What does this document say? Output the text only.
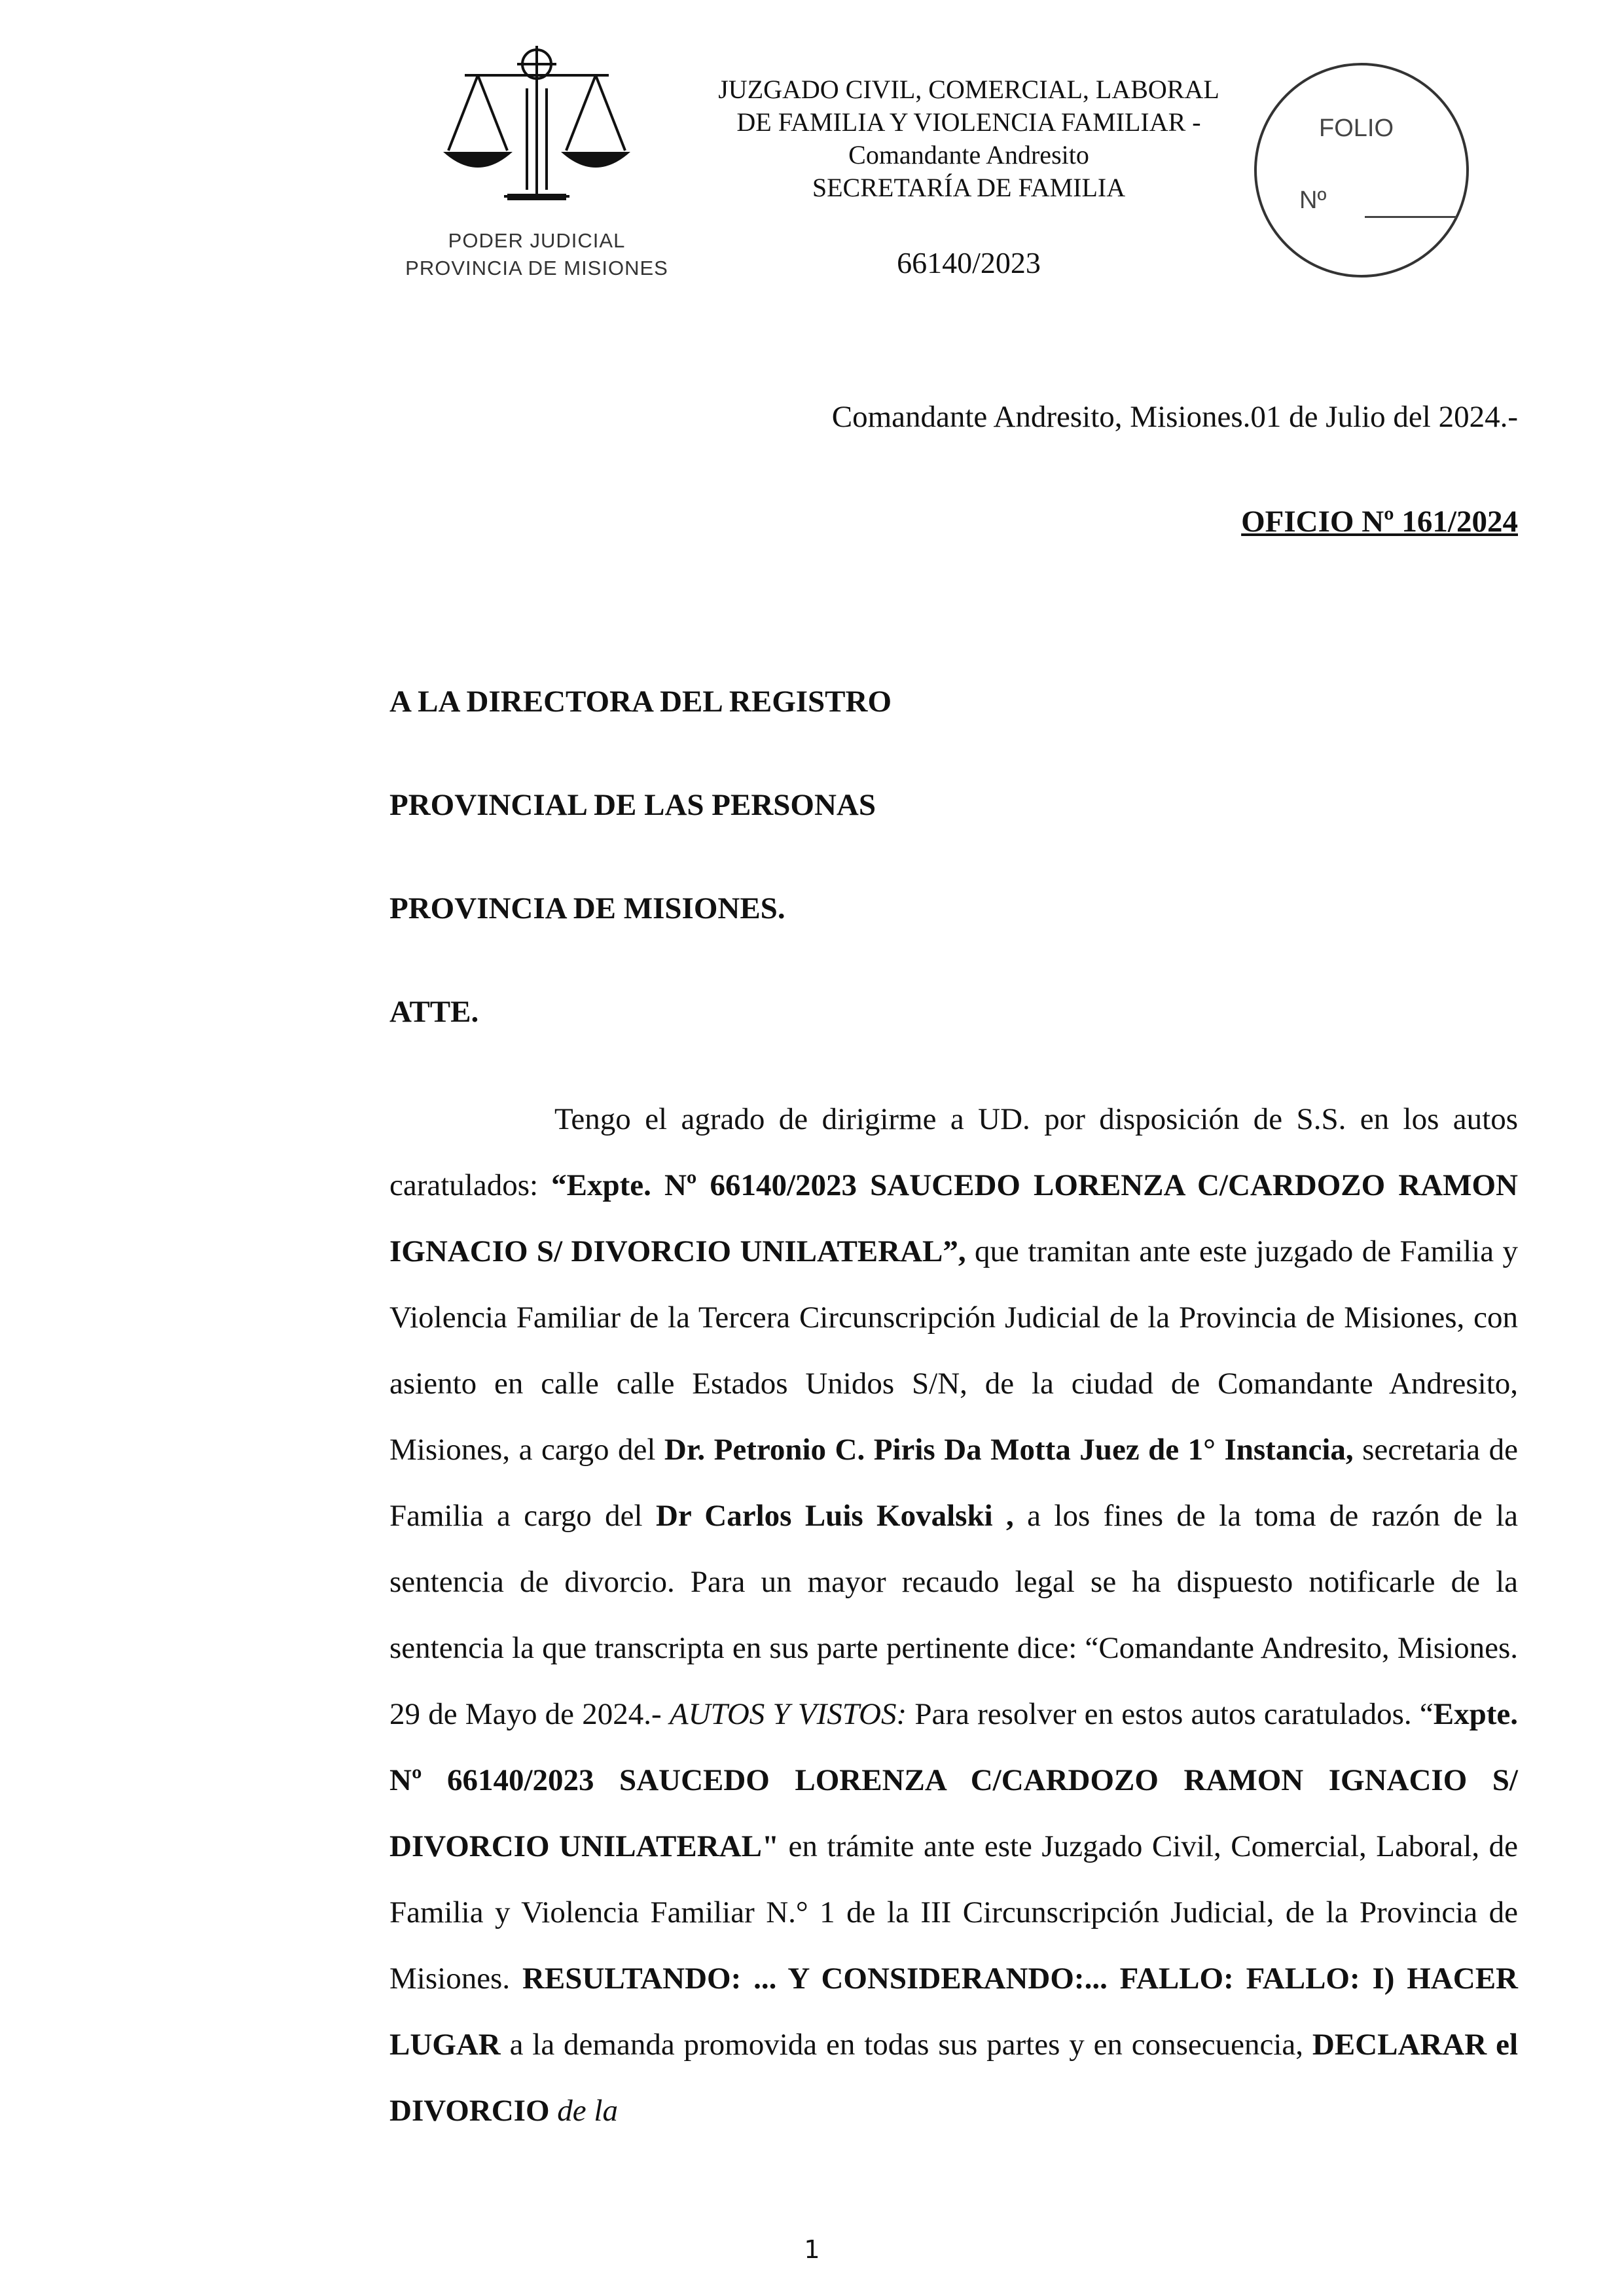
PODER JUDICIAL
PROVINCIA DE MISIONES
JUZGADO CIVIL, COMERCIAL, LABORAL
DE FAMILIA Y VIOLENCIA FAMILIAR -
Comandante Andresito
SECRETARÍA DE FAMILIA
66140/2023
FOLIO
Nº
Comandante Andresito, Misiones.01 de Julio del 2024.-
OFICIO Nº 161/2024
A LA DIRECTORA DEL REGISTRO
PROVINCIAL DE LAS PERSONAS
PROVINCIA DE MISIONES.
ATTE.

Tengo el agrado de dirigirme a UD. por disposición de S.S. en los autos caratulados: “Expte. Nº 66140/2023 SAUCEDO LORENZA C/CARDOZO RAMON IGNACIO S/ DIVORCIO UNILATERAL”, que tramitan ante este juzgado de Familia y Violencia Familiar de la Tercera Circunscripción Judicial de la Provincia de Misiones, con asiento en calle calle Estados Unidos S/N, de la ciudad de Comandante Andresito, Misiones, a cargo del Dr. Petronio C. Piris Da Motta Juez de 1° Instancia, secretaria de Familia a cargo del Dr Carlos Luis Kovalski , a los fines de la toma de razón de la sentencia de divorcio. Para un mayor recaudo legal se ha dispuesto notificarle de la sentencia la que transcripta en sus parte pertinente dice: “Comandante Andresito, Misiones. 29 de Mayo de 2024.- AUTOS Y VISTOS: Para resolver en estos autos caratulados. “Expte. Nº 66140/2023 SAUCEDO LORENZA C/CARDOZO RAMON IGNACIO S/ DIVORCIO UNILATERAL" en trámite ante este Juzgado Civil, Comercial, Laboral, de Familia y Violencia Familiar N.° 1 de la III Circunscripción Judicial, de la Provincia de Misiones. RESULTANDO: ... Y CONSIDERANDO:... FALLO: FALLO: I) HACER LUGAR a la demanda promovida en todas sus partes y en consecuencia, DECLARAR el DIVORCIO de la

1
